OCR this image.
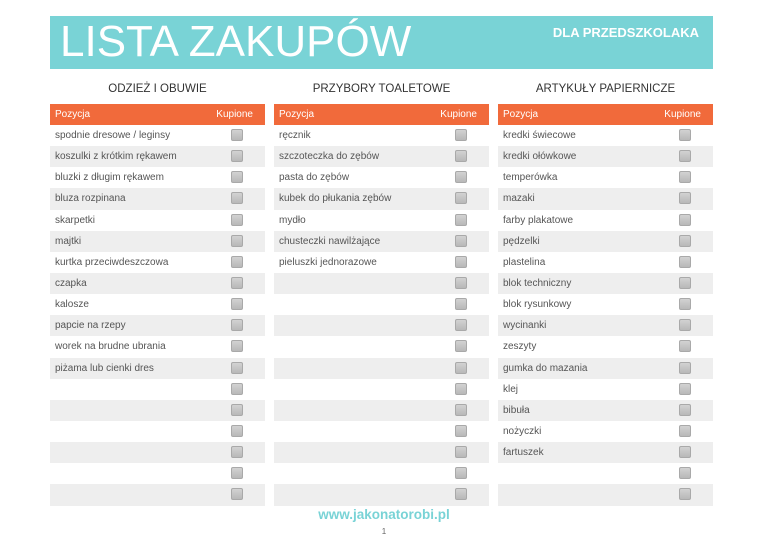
LISTA ZAKUPÓW	DLA PRZEDSZKOLAKA
ODZIEŻ I OBUWIE
Pozycja	Kupione
spodnie dresowe / leginsy
koszulki z krótkim rękawem
bluzki z długim rękawem
bluza rozpinana
skarpetki
majtki
kurtka przeciwdeszczowa
czapka
kalosze
papcie na rzepy
worek na brudne ubrania
piżama lub cienki dres
PRZYBORY TOALETOWE
Pozycja	Kupione
ręcznik
szczoteczka do zębów
pasta do zębów
kubek do płukania zębów
mydło
chusteczki nawilżające
pieluszki jednorazowe
ARTYKUŁY PAPIERNICZE
Pozycja	Kupione
kredki świecowe
kredki ołówkowe
temperówka
mazaki
farby plakatowe
pędzelki
plastelina
blok techniczny
blok rysunkowy
wycinanki
zeszyty
gumka do mazania
klej
bibuła
nożyczki
fartuszek
www.jakonatorobi.pl
1
